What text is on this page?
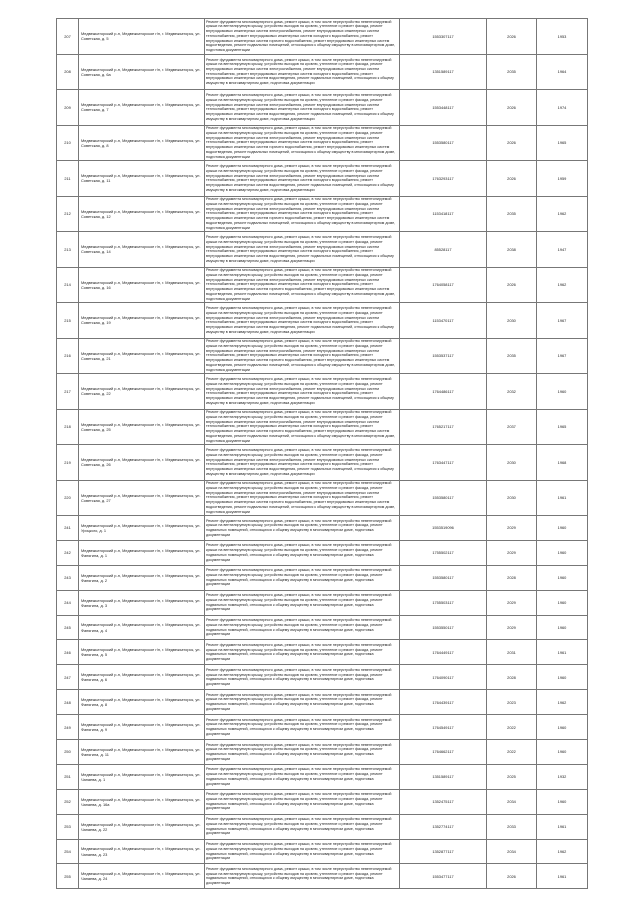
207	Медвежьегорский р-н, Медвежьегорское г/п, г. Медвежьегорск, ул. Советская, д. 5	Ремонт фундамента многоквартирного дома, ремонт крыши, в том числе переустройство невентилируемой крыши на вентилируемую крышу, устройство выходов на кровлю, утепление и ремонт фасада, ремонт внутридомовых инженерных систем электроснабжения, ремонт внутридомовых инженерных систем теплоснабжения, ремонт внутридомовых инженерных систем холодного водоснабжения, ремонт внутридомовых инженерных систем горячего водоснабжения, ремонт внутридомовых инженерных систем водоотведения, ремонт подвальных помещений, относящихся к общему имуществу в многоквартирном доме, подготовка документации	1553307117	2026	1953
208	Медвежьегорский р-н, Медвежьегорское г/п, г. Медвежьегорск, ул. Советская, д. 6а	Ремонт фундамента многоквартирного дома, ремонт крыши, в том числе переустройство невентилируемой крыши на вентилируемую крышу, устройство выходов на кровлю, утепление и ремонт фасада, ремонт внутридомовых инженерных систем электроснабжения, ремонт внутридомовых инженерных систем теплоснабжения, ремонт внутридомовых инженерных систем холодного водоснабжения, ремонт внутридомовых инженерных систем водоотведения, ремонт подвальных помещений, относящихся к общему имуществу в многоквартирном доме, подготовка документации	1351589117	2035	1964
209	Медвежьегорский р-н, Медвежьегорское г/п, г. Медвежьегорск, ул. Советская, д. 7	Ремонт фундамента многоквартирного дома, ремонт крыши, в том числе переустройство невентилируемой крыши на вентилируемую крышу, устройство выходов на кровлю, утепление и ремонт фасада, ремонт внутридомовых инженерных систем электроснабжения, ремонт внутридомовых инженерных систем теплоснабжения, ремонт внутридомовых инженерных систем холодного водоснабжения, ремонт внутридомовых инженерных систем водоотведения, ремонт подвальных помещений, относящихся к общему имуществу в многоквартирном доме, подготовка документации	1553448117	2026	1974
210	Медвежьегорский р-н, Медвежьегорское г/п, г. Медвежьегорск, ул. Советская, д. 8	Ремонт фундамента многоквартирного дома, ремонт крыши, в том числе переустройство невентилируемой крыши на вентилируемую крышу, устройство выходов на кровлю, утепление и ремонт фасада, ремонт внутридомовых инженерных систем электроснабжения, ремонт внутридомовых инженерных систем теплоснабжения, ремонт внутридомовых инженерных систем холодного водоснабжения, ремонт внутридомовых инженерных систем горячего водоснабжения, ремонт внутридомовых инженерных систем водоотведения, ремонт подвальных помещений, относящихся к общему имуществу в многоквартирном доме, подготовка документации	1553580117	2026	1965
211	Медвежьегорский р-н, Медвежьегорское г/п, г. Медвежьегорск, ул. Советская, д. 11	Ремонт фундамента многоквартирного дома, ремонт крыши, в том числе переустройство невентилируемой крыши на вентилируемую крышу, устройство выходов на кровлю, утепление и ремонт фасада, ремонт внутридомовых инженерных систем электроснабжения, ремонт внутридомовых инженерных систем теплоснабжения, ремонт внутридомовых инженерных систем холодного водоснабжения, ремонт внутридомовых инженерных систем водоотведения, ремонт подвальных помещений, относящихся к общему имуществу в многоквартирном доме, подготовка документации	1763293117	2026	1959
212	Медвежьегорский р-н, Медвежьегорское г/п, г. Медвежьегорск, ул. Советская, д. 12	Ремонт фундамента многоквартирного дома, ремонт крыши, в том числе переустройство невентилируемой крыши на вентилируемую крышу, устройство выходов на кровлю, утепление и ремонт фасада, ремонт внутридомовых инженерных систем электроснабжения, ремонт внутридомовых инженерных систем теплоснабжения, ремонт внутридомовых инженерных систем холодного водоснабжения, ремонт внутридомовых инженерных систем горячего водоснабжения, ремонт внутридомовых инженерных систем водоотведения, ремонт подвальных помещений, относящихся к общему имуществу в многоквартирном доме, подготовка документации	1153418117	2035	1962
213	Медвежьегорский р-н, Медвежьегорское г/п, г. Медвежьегорск, ул. Советская, д. 14	Ремонт фундамента многоквартирного дома, ремонт крыши, в том числе переустройство невентилируемой крыши на вентилируемую крышу, устройство выходов на кровлю, утепление и ремонт фасада, ремонт внутридомовых инженерных систем электроснабжения, ремонт внутридомовых инженерных систем теплоснабжения, ремонт внутридомовых инженерных систем холодного водоснабжения, ремонт внутридомовых инженерных систем водоотведения, ремонт подвальных помещений, относящихся к общему имуществу в многоквартирном доме, подготовка документации	85528117	2038	1947
214	Медвежьегорский р-н, Медвежьегорское г/п, г. Медвежьегорск, ул. Советская, д. 16	Ремонт фундамента многоквартирного дома, ремонт крыши, в том числе переустройство невентилируемой крыши на вентилируемую крышу, устройство выходов на кровлю, утепление и ремонт фасада, ремонт внутридомовых инженерных систем электроснабжения, ремонт внутридомовых инженерных систем теплоснабжения, ремонт внутридомовых инженерных систем холодного водоснабжения, ремонт внутридомовых инженерных систем горячего водоснабжения, ремонт внутридомовых инженерных систем водоотведения, ремонт подвальных помещений, относящихся к общему имуществу в многоквартирном доме, подготовка документации	1764058117	2026	1962
215	Медвежьегорский р-н, Медвежьегорское г/п, г. Медвежьегорск, ул. Советская, д. 19	Ремонт фундамента многоквартирного дома, ремонт крыши, в том числе переустройство невентилируемой крыши на вентилируемую крышу, устройство выходов на кровлю, утепление и ремонт фасада, ремонт внутридомовых инженерных систем электроснабжения, ремонт внутридомовых инженерных систем теплоснабжения, ремонт внутридомовых инженерных систем холодного водоснабжения, ремонт внутридомовых инженерных систем водоотведения, ремонт подвальных помещений, относящихся к общему имуществу в многоквартирном доме, подготовка документации	1153470117	2030	1967
216	Медвежьегорский р-н, Медвежьегорское г/п, г. Медвежьегорск, ул. Советская, д. 21	Ремонт фундамента многоквартирного дома, ремонт крыши, в том числе переустройство невентилируемой крыши на вентилируемую крышу, устройство выходов на кровлю, утепление и ремонт фасада, ремонт внутридомовых инженерных систем электроснабжения, ремонт внутридомовых инженерных систем теплоснабжения, ремонт внутридомовых инженерных систем холодного водоснабжения, ремонт внутридомовых инженерных систем горячего водоснабжения, ремонт внутридомовых инженерных систем водоотведения, ремонт подвальных помещений, относящихся к общему имуществу в многоквартирном доме, подготовка документации	1553537117	2035	1967
217	Медвежьегорский р-н, Медвежьегорское г/п, г. Медвежьегорск, ул. Советская, д. 22	Ремонт фундамента многоквартирного дома, ремонт крыши, в том числе переустройство невентилируемой крыши на вентилируемую крышу, устройство выходов на кровлю, утепление и ремонт фасада, ремонт внутридомовых инженерных систем электроснабжения, ремонт внутридомовых инженерных систем теплоснабжения, ремонт внутридомовых инженерных систем холодного водоснабжения, ремонт внутридомовых инженерных систем водоотведения, ремонт подвальных помещений, относящихся к общему имуществу в многоквартирном доме, подготовка документации	1764486117	2032	1960
218	Медвежьегорский р-н, Медвежьегорское г/п, г. Медвежьегорск, ул. Советская, д. 25	Ремонт фундамента многоквартирного дома, ремонт крыши, в том числе переустройство невентилируемой крыши на вентилируемую крышу, устройство выходов на кровлю, утепление и ремонт фасада, ремонт внутридомовых инженерных систем электроснабжения, ремонт внутридомовых инженерных систем теплоснабжения, ремонт внутридомовых инженерных систем холодного водоснабжения, ремонт внутридомовых инженерных систем горячего водоснабжения, ремонт внутридомовых инженерных систем водоотведения, ремонт подвальных помещений, относящихся к общему имуществу в многоквартирном доме, подготовка документации	1765217117	2037	1965
219	Медвежьегорский р-н, Медвежьегорское г/п, г. Медвежьегорск, ул. Советская, д. 26	Ремонт фундамента многоквартирного дома, ремонт крыши, в том числе переустройство невентилируемой крыши на вентилируемую крышу, устройство выходов на кровлю, утепление и ремонт фасада, ремонт внутридомовых инженерных систем электроснабжения, ремонт внутридомовых инженерных систем теплоснабжения, ремонт внутридомовых инженерных систем холодного водоснабжения, ремонт внутридомовых инженерных систем водоотведения, ремонт подвальных помещений, относящихся к общему имуществу в многоквартирном доме, подготовка документации	1763447117	2030	1968
220	Медвежьегорский р-н, Медвежьегорское г/п, г. Медвежьегорск, ул. Советская, д. 27	Ремонт фундамента многоквартирного дома, ремонт крыши, в том числе переустройство невентилируемой крыши на вентилируемую крышу, устройство выходов на кровлю, утепление и ремонт фасада, ремонт внутридомовых инженерных систем электроснабжения, ремонт внутридомовых инженерных систем теплоснабжения, ремонт внутридомовых инженерных систем холодного водоснабжения, ремонт внутридомовых инженерных систем горячего водоснабжения, ремонт внутридомовых инженерных систем водоотведения, ремонт подвальных помещений, относящихся к общему имуществу в многоквартирном доме, подготовка документации	1553580117	2030	1961
241	Медвежьегорский р-н, Медвежьегорское г/п, г. Медвежьегорск, ул. Урицкого, д. 1	Ремонт фундамента многоквартирного дома, ремонт крыши, в том числе переустройство невентилируемой крыши на вентилируемую крышу, устройство выходов на кровлю, утепление и ремонт фасада, ремонт подвальных помещений, относящихся к общему имуществу в многоквартирном доме, подготовка документации	1553519096	2029	1960
242	Медвежьегорский р-н, Медвежьегорское г/п, г. Медвежьегорск, ул. Фанягина, д. 1	Ремонт фундамента многоквартирного дома, ремонт крыши, в том числе переустройство невентилируемой крыши на вентилируемую крышу, устройство выходов на кровлю, утепление и ремонт фасада, ремонт подвальных помещений, относящихся к общему имуществу в многоквартирном доме, подготовка документации	1755502117	2029	1960
243	Медвежьегорский р-н, Медвежьегорское г/п, г. Медвежьегорск, ул. Фанягина, д. 2	Ремонт фундамента многоквартирного дома, ремонт крыши, в том числе переустройство невентилируемой крыши на вентилируемую крышу, устройство выходов на кровлю, утепление и ремонт фасада, ремонт подвальных помещений, относящихся к общему имуществу в многоквартирном доме, подготовка документации	1553580117	2028	1960
244	Медвежьегорский р-н, Медвежьегорское г/п, г. Медвежьегорск, ул. Фанягина, д. 3	Ремонт фундамента многоквартирного дома, ремонт крыши, в том числе переустройство невентилируемой крыши на вентилируемую крышу, устройство выходов на кровлю, утепление и ремонт фасада, ремонт подвальных помещений, относящихся к общему имуществу в многоквартирном доме, подготовка документации	1755503117	2029	1960
245	Медвежьегорский р-н, Медвежьегорское г/п, г. Медвежьегорск, ул. Фанягина, д. 4	Ремонт фундамента многоквартирного дома, ремонт крыши, в том числе переустройство невентилируемой крыши на вентилируемую крышу, устройство выходов на кровлю, утепление и ремонт фасада, ремонт подвальных помещений, относящихся к общему имуществу в многоквартирном доме, подготовка документации	1553550117	2029	1960
246	Медвежьегорский р-н, Медвежьегорское г/п, г. Медвежьегорск, ул. Фанягина, д. 5	Ремонт фундамента многоквартирного дома, ремонт крыши, в том числе переустройство невентилируемой крыши на вентилируемую крышу, устройство выходов на кровлю, утепление и ремонт фасада, ремонт подвальных помещений, относящихся к общему имуществу в многоквартирном доме, подготовка документации	1764449117	2031	1961
247	Медвежьегорский р-н, Медвежьегорское г/п, г. Медвежьегорск, ул. Фанягина, д. 6	Ремонт фундамента многоквартирного дома, ремонт крыши, в том числе переустройство невентилируемой крыши на вентилируемую крышу, устройство выходов на кровлю, утепление и ремонт фасада, ремонт подвальных помещений, относящихся к общему имуществу в многоквартирном доме, подготовка документации	1764090117	2028	1960
248	Медвежьегорский р-н, Медвежьегорское г/п, г. Медвежьегорск, ул. Фанягина, д. 8	Ремонт фундамента многоквартирного дома, ремонт крыши, в том числе переустройство невентилируемой крыши на вентилируемую крышу, устройство выходов на кровлю, утепление и ремонт фасада, ремонт подвальных помещений, относящихся к общему имуществу в многоквартирном доме, подготовка документации	1764439117	2023	1962
249	Медвежьегорский р-н, Медвежьегорское г/п, г. Медвежьегорск, ул. Фанягина, д. 9	Ремонт фундамента многоквартирного дома, ремонт крыши, в том числе переустройство невентилируемой крыши на вентилируемую крышу, устройство выходов на кровлю, утепление и ремонт фасада, ремонт подвальных помещений, относящихся к общему имуществу в многоквартирном доме, подготовка документации	1764549117	2022	1960
250	Медвежьегорский р-н, Медвежьегорское г/п, г. Медвежьегорск, ул. Фанягина, д. 11	Ремонт фундамента многоквартирного дома, ремонт крыши, в том числе переустройство невентилируемой крыши на вентилируемую крышу, устройство выходов на кровлю, утепление и ремонт фасада, ремонт подвальных помещений, относящихся к общему имуществу в многоквартирном доме, подготовка документации	1764662117	2022	1960
251	Медвежьегорский р-н, Медвежьегорское г/п, г. Медвежьегорск, ул. Чапаева, д. 1	Ремонт фундамента многоквартирного дома, ремонт крыши, в том числе переустройство невентилируемой крыши на вентилируемую крышу, устройство выходов на кровлю, утепление и ремонт фасада, ремонт подвальных помещений, относящихся к общему имуществу в многоквартирном доме, подготовка документации	1351589117	2025	1932
252	Медвежьегорский р-н, Медвежьегорское г/п, г. Медвежьегорск, ул. Чапаева, д. 16а	Ремонт фундамента многоквартирного дома, ремонт крыши, в том числе переустройство невентилируемой крыши на вентилируемую крышу, устройство выходов на кровлю, утепление и ремонт фасада, ремонт подвальных помещений, относящихся к общему имуществу в многоквартирном доме, подготовка документации	1352475117	2034	1960
253	Медвежьегорский р-н, Медвежьегорское г/п, г. Медвежьегорск, ул. Чапаева, д. 22	Ремонт фундамента многоквартирного дома, ремонт крыши, в том числе переустройство невентилируемой крыши на вентилируемую крышу, устройство выходов на кровлю, утепление и ремонт фасада, ремонт подвальных помещений, относящихся к общему имуществу в многоквартирном доме, подготовка документации	1352774117	2033	1961
254	Медвежьегорский р-н, Медвежьегорское г/п, г. Медвежьегорск, ул. Чапаева, д. 23	Ремонт фундамента многоквартирного дома, ремонт крыши, в том числе переустройство невентилируемой крыши на вентилируемую крышу, устройство выходов на кровлю, утепление и ремонт фасада, ремонт подвальных помещений, относящихся к общему имуществу в многоквартирном доме, подготовка документации	1352877117	2034	1962
255	Медвежьегорский р-н, Медвежьегорское г/п, г. Медвежьегорск, ул. Чапаева, д. 24	Ремонт фундамента многоквартирного дома, ремонт крыши, в том числе переустройство невентилируемой крыши на вентилируемую крышу, устройство выходов на кровлю, утепление и ремонт фасада, ремонт подвальных помещений, относящихся к общему имуществу в многоквартирном доме, подготовка документации	1553477117	2026	1961
